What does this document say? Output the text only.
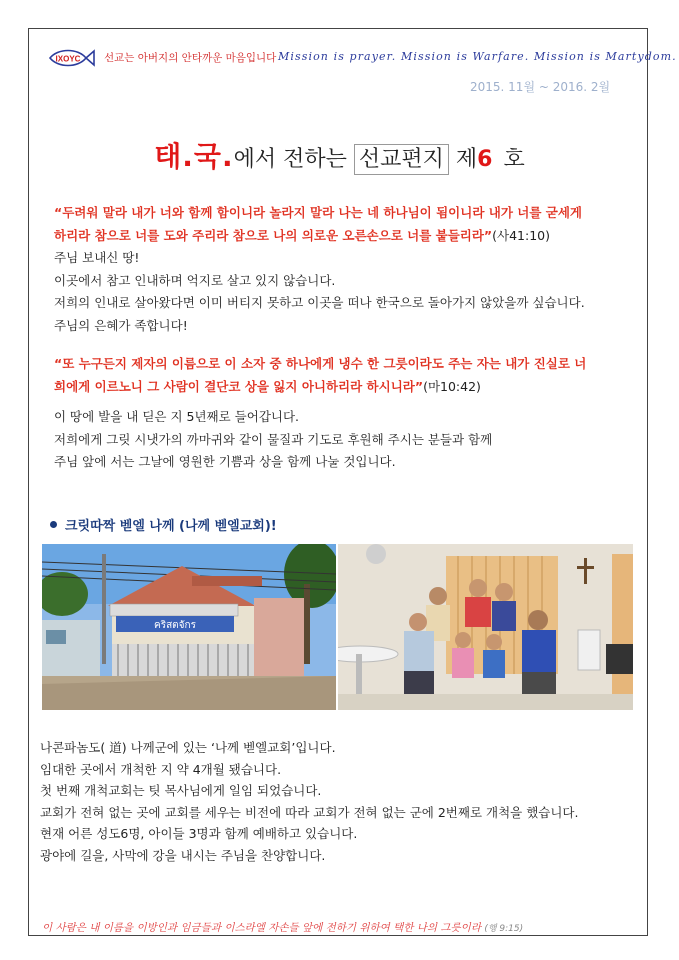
IXOYC 선교는 아버지의 안타까운 마음입니다 Mission is prayer. Mission is Warfare. Mission is Martydom.
2015. 11월 ~ 2016. 2월
태.국.에서 전하는 선교편지 제6 호

“두려워 말라 내가 너와 함께 함이니라 놀라지 말라 나는 네 하나님이 됨이니라 내가 너를 굳세게

하리라 참으로 너를 도와 주리라 참으로 나의 의로운 오른손으로 너를 붙들리라”(사41:10)

주님 보내신 땅!

이곳에서 참고 인내하며 억지로 살고 있지 않습니다.

저희의 인내로 살아왔다면 이미 버티지 못하고 이곳을 떠나 한국으로 돌아가지 않았을까 싶습니다.

주님의 은혜가 족합니다!

“또 누구든지 제자의 이름으로 이 소자 중 하나에게 냉수 한 그릇이라도 주는 자는 내가 진실로 너

희에게 이르노니 그 사람이 결단코 상을 잃지 아니하리라 하시니라”(마10:42)

이 땅에 발을 내 딛은 지 5년째로 들어갑니다.

저희에게 그릿 시냇가의 까마귀와 같이 물질과 기도로 후원해 주시는 분들과 함께

주님 앞에 서는 그날에 영원한 기쁨과 상을 함께 나눌 것입니다.

크릿따짝 벧엘 나께 (나께 벧엘교회)!
คริสตจักร

나콘파놈도( 道) 나께군에 있는 ‘나께 벧엘교회’입니다.

임대한 곳에서 개척한 지 약 4개월 됐습니다.

첫 번째 개척교회는 팃 목사님에게 일임 되었습니다.

교회가 전혀 없는 곳에 교회를 세우는 비전에 따라 교회가 전혀 없는 군에 2번째로 개척을 했습니다.

현재 어른 성도6명, 아이들 3명과 함께 예배하고 있습니다.

광야에 길을, 사막에 강을 내시는 주님을 찬양합니다.

이 사람은 내 이름을 이방인과 임금들과 이스라엘 자손들 앞에 전하기 위하여 택한 나의 그릇이라 (행 9:15)
